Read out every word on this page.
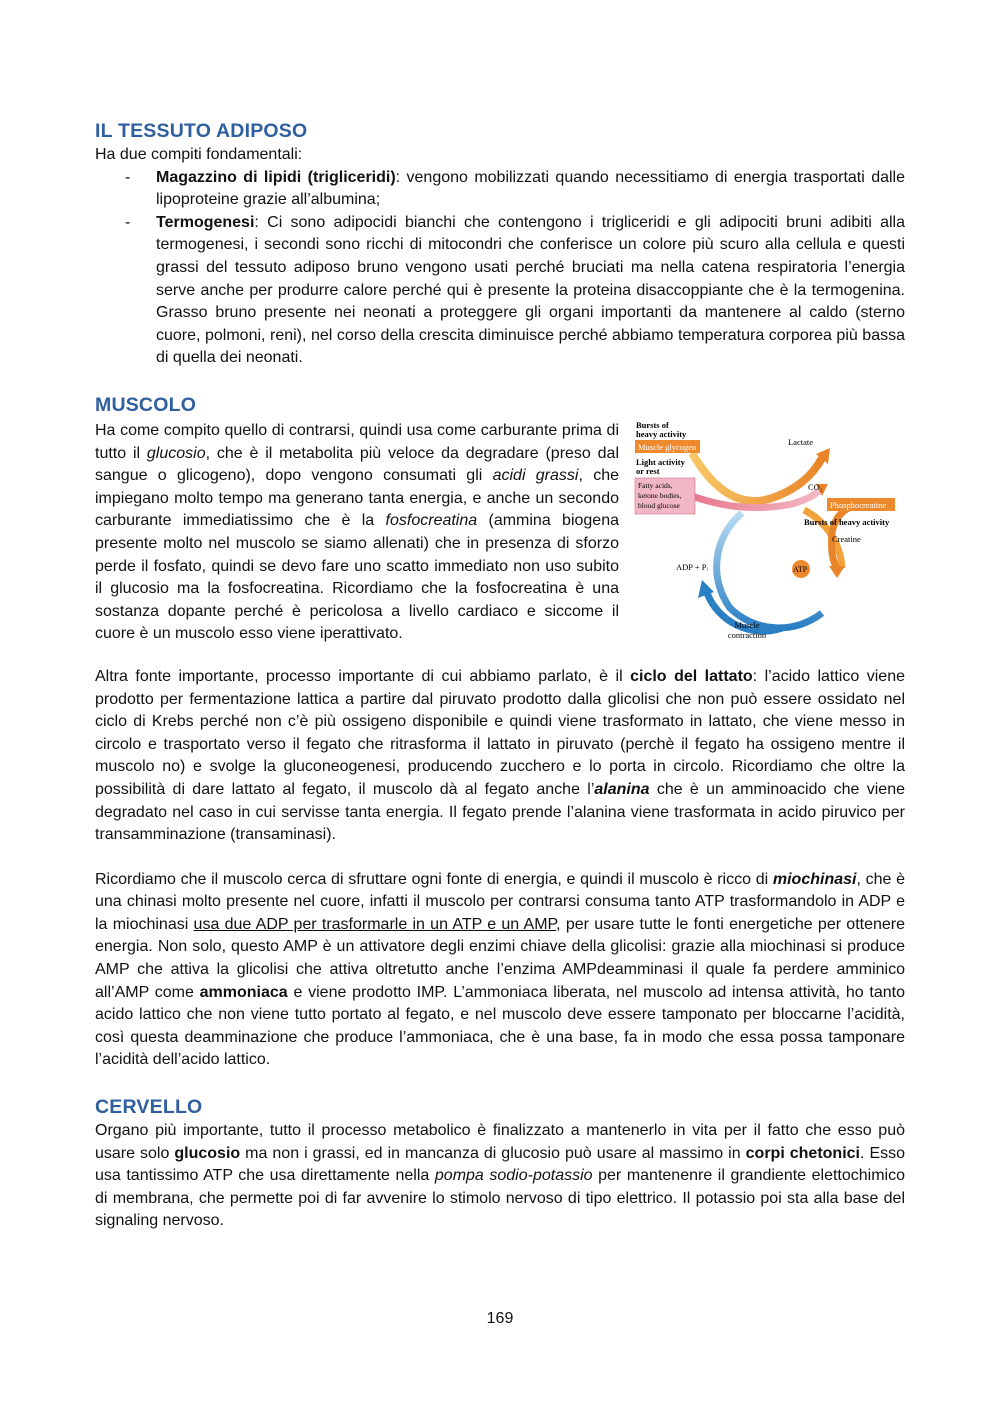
IL TESSUTO ADIPOSO

Ha due compiti fondamentali:

- Magazzino di lipidi (trigliceridi): vengono mobilizzati quando necessitiamo di energia trasportati dalle lipoproteine grazie all’albumina;
- Termogenesi: Ci sono adipocidi bianchi che contengono i trigliceridi e gli adipociti bruni adibiti alla termogenesi, i secondi sono ricchi di mitocondri che conferisce un colore più scuro alla cellula e questi grassi del tessuto adiposo bruno vengono usati perché bruciati ma nella catena respiratoria l’energia serve anche per produrre calore perché qui è presente la proteina disaccoppiante che è la termogenina. Grasso bruno presente nei neonati a proteggere gli organi importanti da mantenere al caldo (sterno cuore, polmoni, reni), nel corso della crescita diminuisce perché abbiamo temperatura corporea più bassa di quella dei neonati.
MUSCOLO

Ha come compito quello di contrarsi, quindi usa come carburante prima di tutto il glucosio, che è il metabolita più veloce da degradare (preso dal sangue o glicogeno), dopo vengono consumati gli acidi grassi, che impiegano molto tempo ma generano tanta energia, e anche un secondo carburante immediatissimo che è la fosfocreatina (ammina biogena presente molto nel muscolo se siamo allenati) che in presenza di sforzo perde il fosfato, quindi se devo fare uno scatto immediato non uso subito il glucosio ma la fosfocreatina. Ricordiamo che la fosfocreatina è una sostanza dopante perché è pericolosa a livello cardiaco e siccome il cuore è un muscolo esso viene iperattivato.

Bursts of heavy activity
Muscle glycogen
Light activity or rest
Fatty acids, ketone bodies, blood glucose
Lactate
CO₂
Phosphocreatine
Bursts of heavy activity
Creatine
ADP + Pᵢ	ATP
Muscle contraction

Altra fonte importante, processo importante di cui abbiamo parlato, è il ciclo del lattato: l’acido lattico viene prodotto per fermentazione lattica a partire dal piruvato prodotto dalla glicolisi che non può essere ossidato nel ciclo di Krebs perché non c’è più ossigeno disponibile e quindi viene trasformato in lattato, che viene messo in circolo e trasportato verso il fegato che ritrasforma il lattato in piruvato (perchè il fegato ha ossigeno mentre il muscolo no) e svolge la gluconeogenesi, producendo zucchero e lo porta in circolo. Ricordiamo che oltre la possibilità di dare lattato al fegato, il muscolo dà al fegato anche l’alanina che è un amminoacido che viene degradato nel caso in cui servisse tanta energia. Il fegato prende l’alanina viene trasformata in acido piruvico per transamminazione (transaminasi).

Ricordiamo che il muscolo cerca di sfruttare ogni fonte di energia, e quindi il muscolo è ricco di miochinasi, che è una chinasi molto presente nel cuore, infatti il muscolo per contrarsi consuma tanto ATP trasformandolo in ADP e la miochinasi usa due ADP per trasformarle in un ATP e un AMP, per usare tutte le fonti energetiche per ottenere energia. Non solo, questo AMP è un attivatore degli enzimi chiave della glicolisi: grazie alla miochinasi si produce AMP che attiva la glicolisi che attiva oltretutto anche l’enzima AMPdeamminasi il quale fa perdere amminico all’AMP come ammoniaca e viene prodotto IMP. L’ammoniaca liberata, nel muscolo ad intensa attività, ho tanto acido lattico che non viene tutto portato al fegato, e nel muscolo deve essere tamponato per bloccarne l’acidità, così questa deamminazione che produce l’ammoniaca, che è una base, fa in modo che essa possa tamponare l’acidità dell’acido lattico.

CERVELLO

Organo più importante, tutto il processo metabolico è finalizzato a mantenerlo in vita per il fatto che esso può usare solo glucosio ma non i grassi, ed in mancanza di glucosio può usare al massimo in corpi chetonici. Esso usa tantissimo ATP che usa direttamente nella pompa sodio-potassio per mantenenre il grandiente elettochimico di membrana, che permette poi di far avvenire lo stimolo nervoso di tipo elettrico. Il potassio poi sta alla base del signaling nervoso.

169
